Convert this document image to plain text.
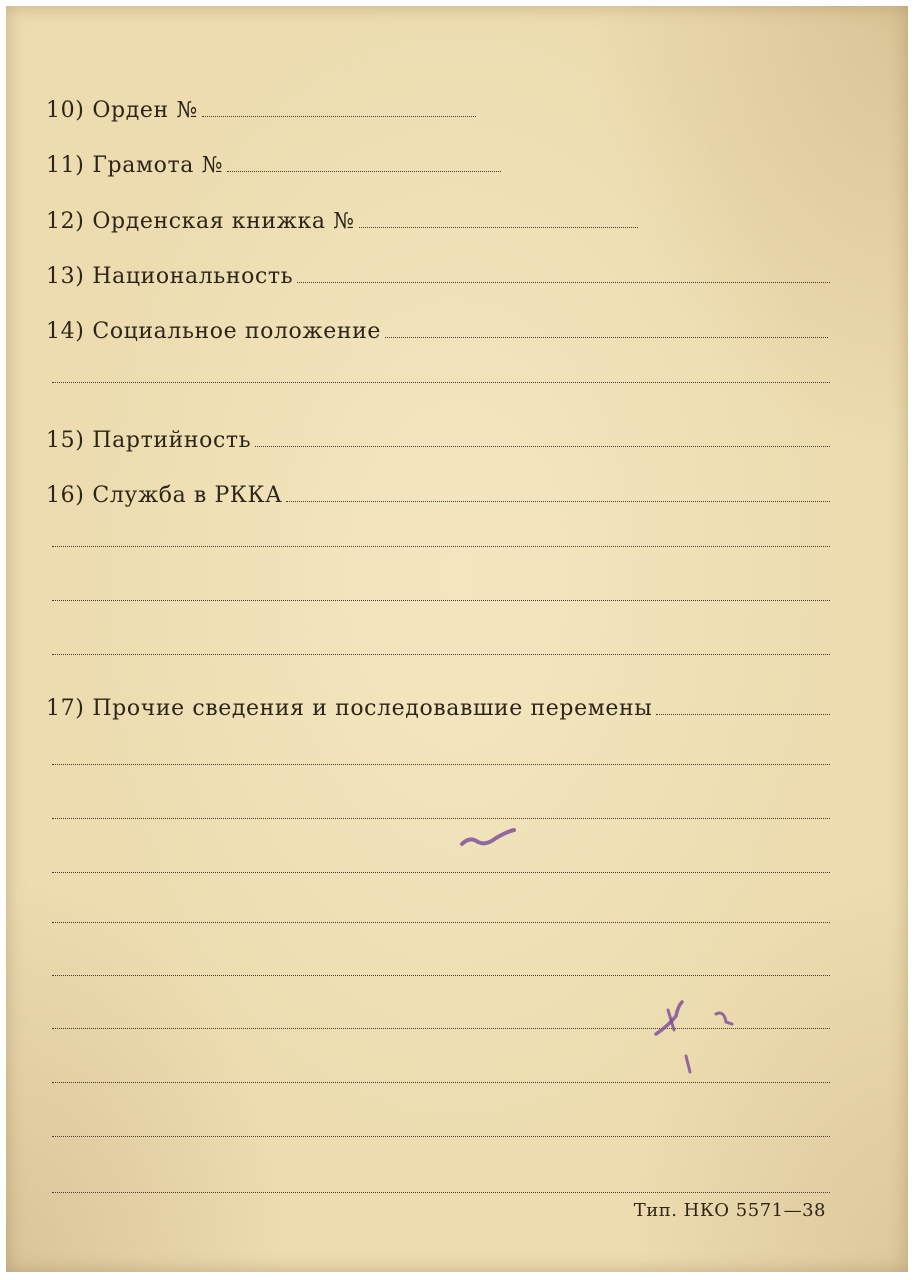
10) Орден №
11) Грамота №
12) Орденская книжка №
13) Национальность
14) Социальное положение
15) Партийность
16) Служба в РККА
17) Прочие сведения и последовавшие перемены
Тип. НКО 5571—38
